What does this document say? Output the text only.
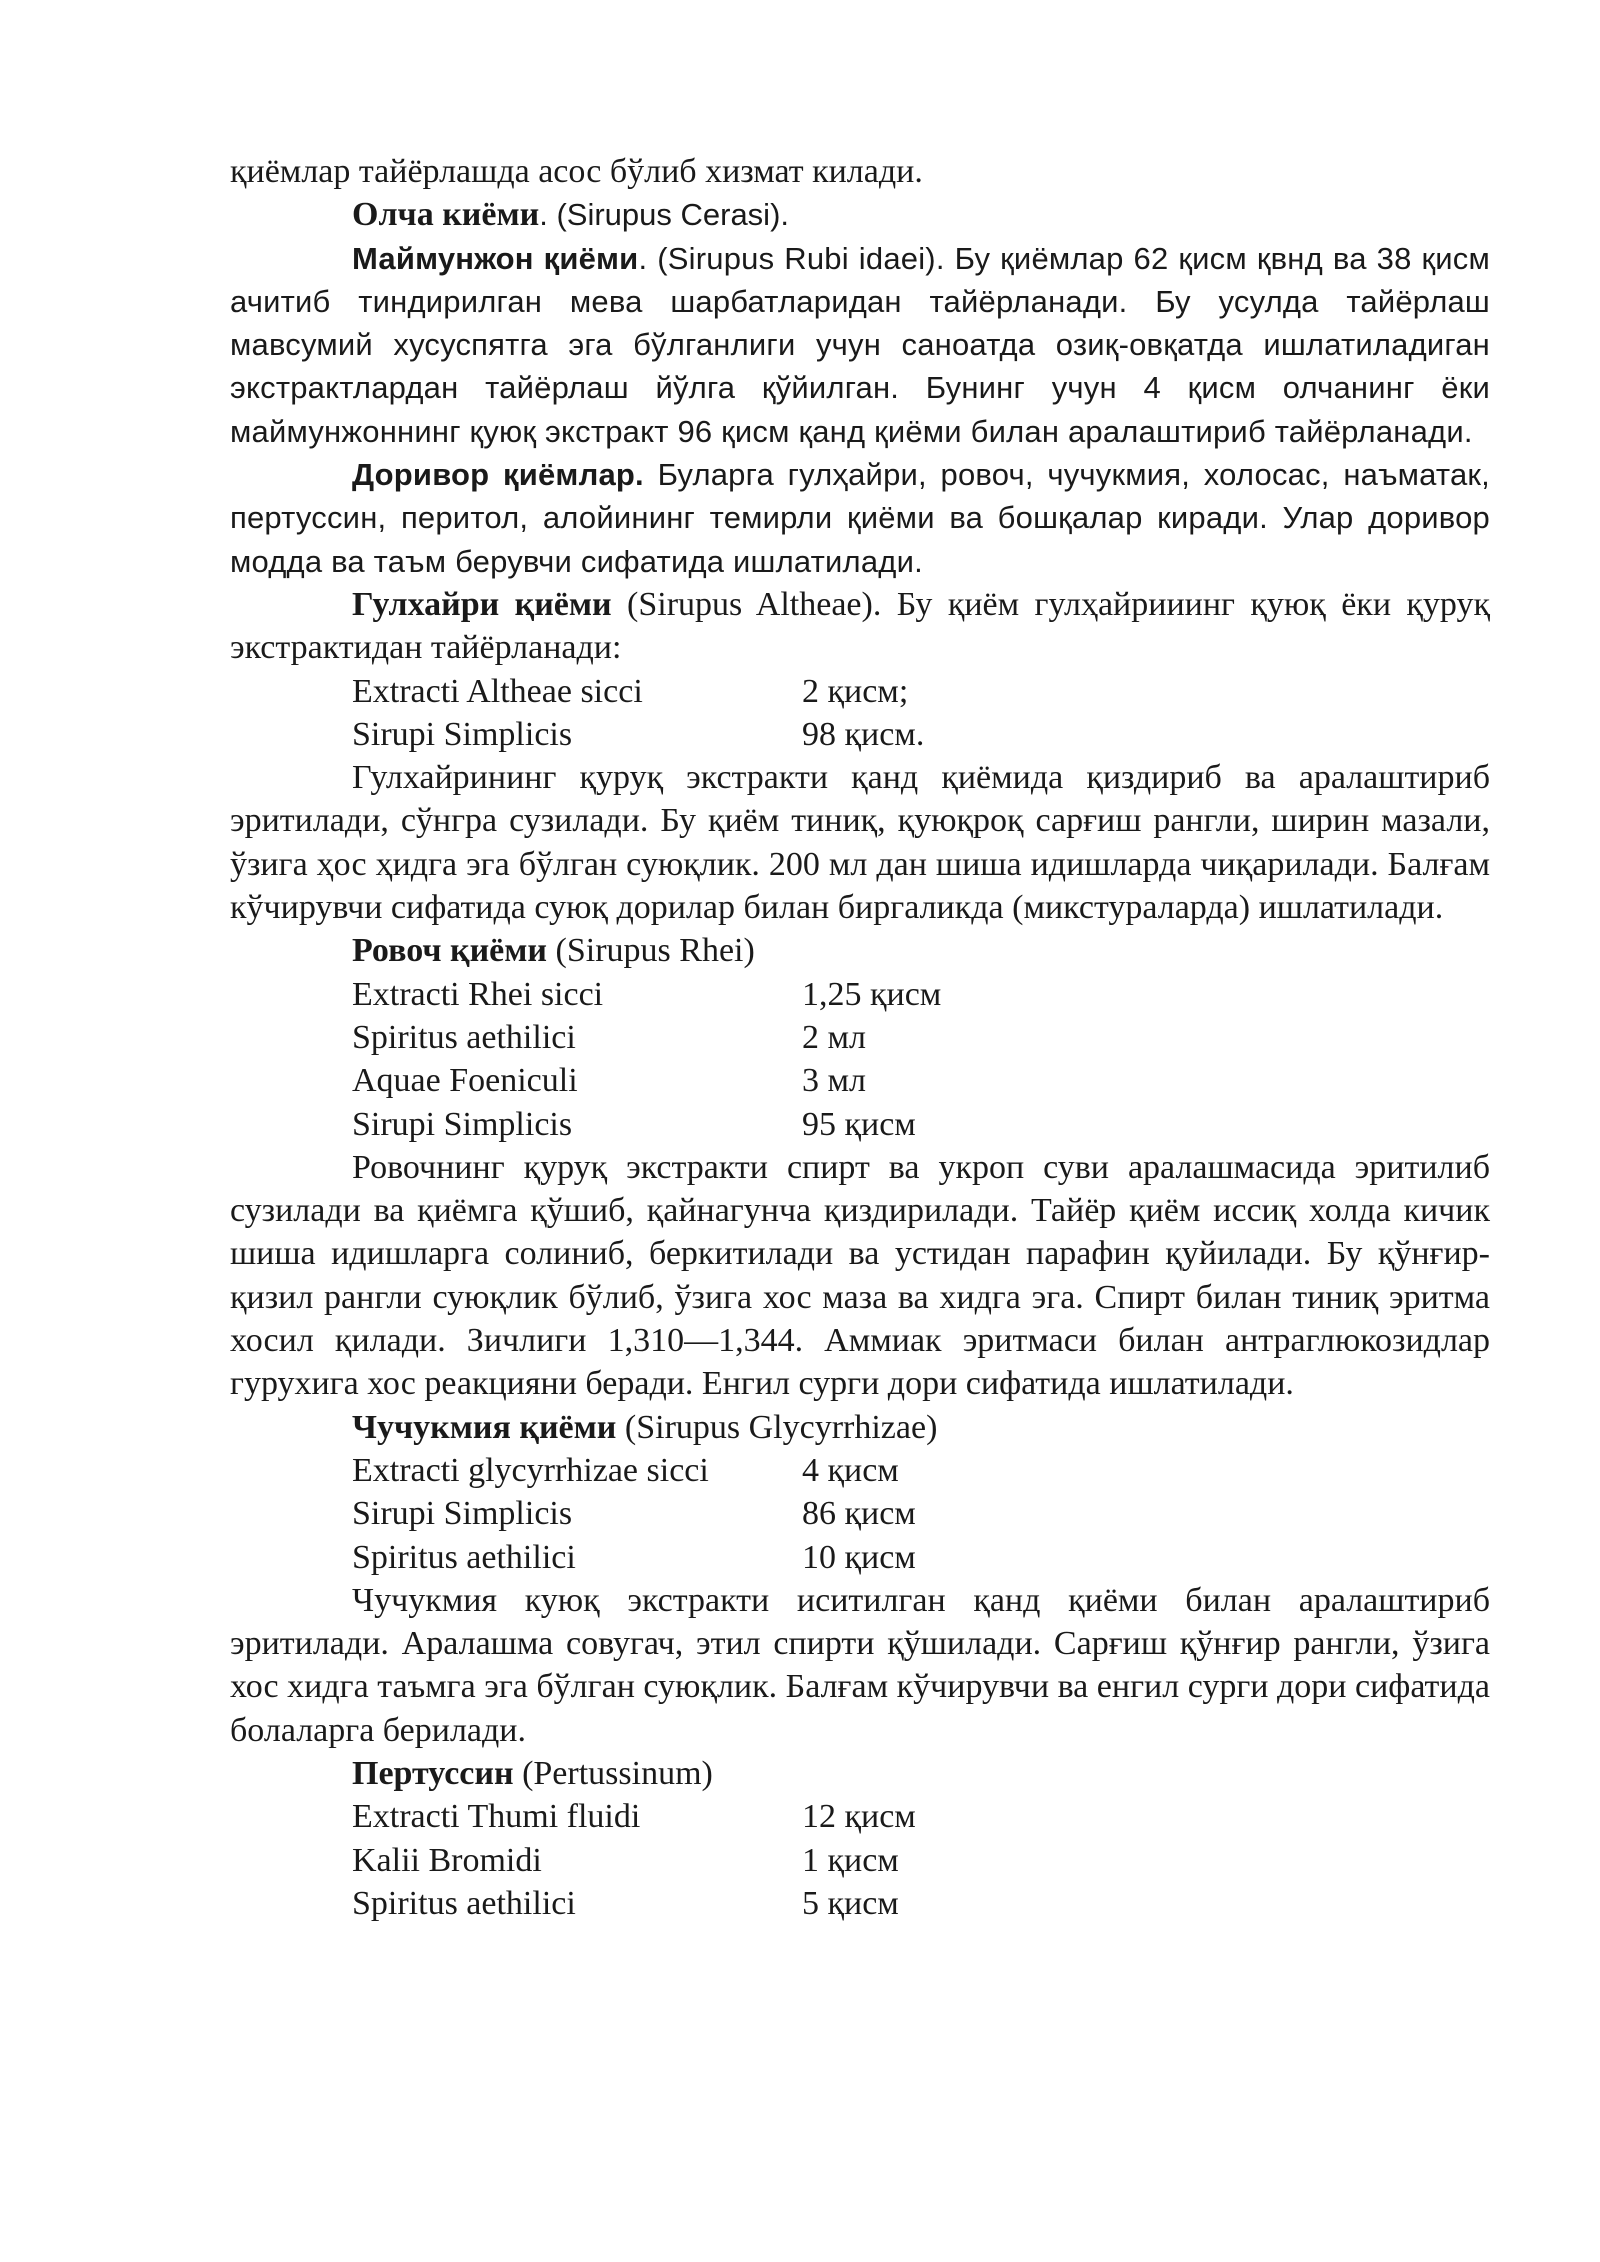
қиёмлар тайёрлашда асос бўлиб хизмат килади.

Олча киёми. (Sirupus Cerasi).

Маймунжон қиёми. (Sirupus Rubi idaei). Бу қиёмлар 62 қисм қвнд ва 38 қисм ачитиб тиндирилган мева шарбатларидан тайёрланади. Бу усулда тайёрлаш мавсумий хусуспятга эга бўлганлиги учун саноатда озиқ-овқатда ишлатиладиган экстрактлардан тайёрлаш йўлга қўйилган. Бунинг учун 4 қисм олчанинг ёки маймунжоннинг қуюқ экстракт 96 қисм қанд қиёми билан аралаштириб тайёрланади.

Доривор қиёмлар. Буларга гулҳайри, ровоч, чучукмия, холосас, наъматак, пертуссин, перитол, алойининг темирли қиёми ва бошқалар киради. Улар доривор модда ва таъм берувчи сифатида ишлатилади.

Гулхайри қиёми (Sirupus Altheae). Бу қиём гулҳайрииинг қуюқ ёки қуруқ экстрактидан тайёрланади:

Extracti Altheae sicci	2 қисм;
Sirupi Simplicis	98 қисм.

Гулхайрининг қуруқ экстракти қанд қиёмида қиздириб ва аралаштириб эритилади, сўнгра сузилади. Бу қиём тиниқ, қуюқроқ сарғиш рангли, ширин мазали, ўзига ҳос ҳидга эга бўлган суюқлик. 200 мл дан шиша идишларда чиқарилади. Балғам кўчирувчи сифатида суюқ дорилар билан биргаликда (микстураларда) ишлатилади.

Ровоч қиёми (Sirupus Rhei)

Extracti Rhei sicci	1,25 қисм
Spiritus aethilici	2 мл
Aquae Foeniculi	3 мл
Sirupi Simplicis	95 қисм

Ровочнинг қуруқ экстракти спирт ва укроп суви аралашмасида эритилиб сузилади ва қиёмга қўшиб, қайнагунча қиздирилади. Тайёр қиём иссиқ холда кичик шиша идишларга солиниб, беркитилади ва устидан парафин қуйилади. Бу қўнғир-қизил рангли суюқлик бўлиб, ўзига хос маза ва хидга эга. Спирт билан тиниқ эритма хосил қилади. Зичлиги 1,310—1,344. Аммиак эритмаси билан антраглюкозидлар гурухига хос реакцияни беради. Енгил сурги дори сифатида ишлатилади.

Чучукмия қиёми (Sirupus Glycyrrhizae)

Extracti glycyrrhizae sicci	4 қисм
Sirupi Simplicis	86 қисм
Spiritus aethilici	10 қисм

Чучукмия куюқ экстракти иситилган қанд қиёми билан аралаштириб эритилади. Аралашма совугач, этил спирти қўшилади. Сарғиш қўнғир рангли, ўзига хос хидга таъмга эга бўлган суюқлик. Балғам кўчирувчи ва енгил сурги дори сифатида болаларга берилади.

Пертуссин (Pertussinum)

Extracti Thumi fluidi	12 қисм
Kalii Bromidi	1 қисм
Spiritus aethilici	5 қисм
